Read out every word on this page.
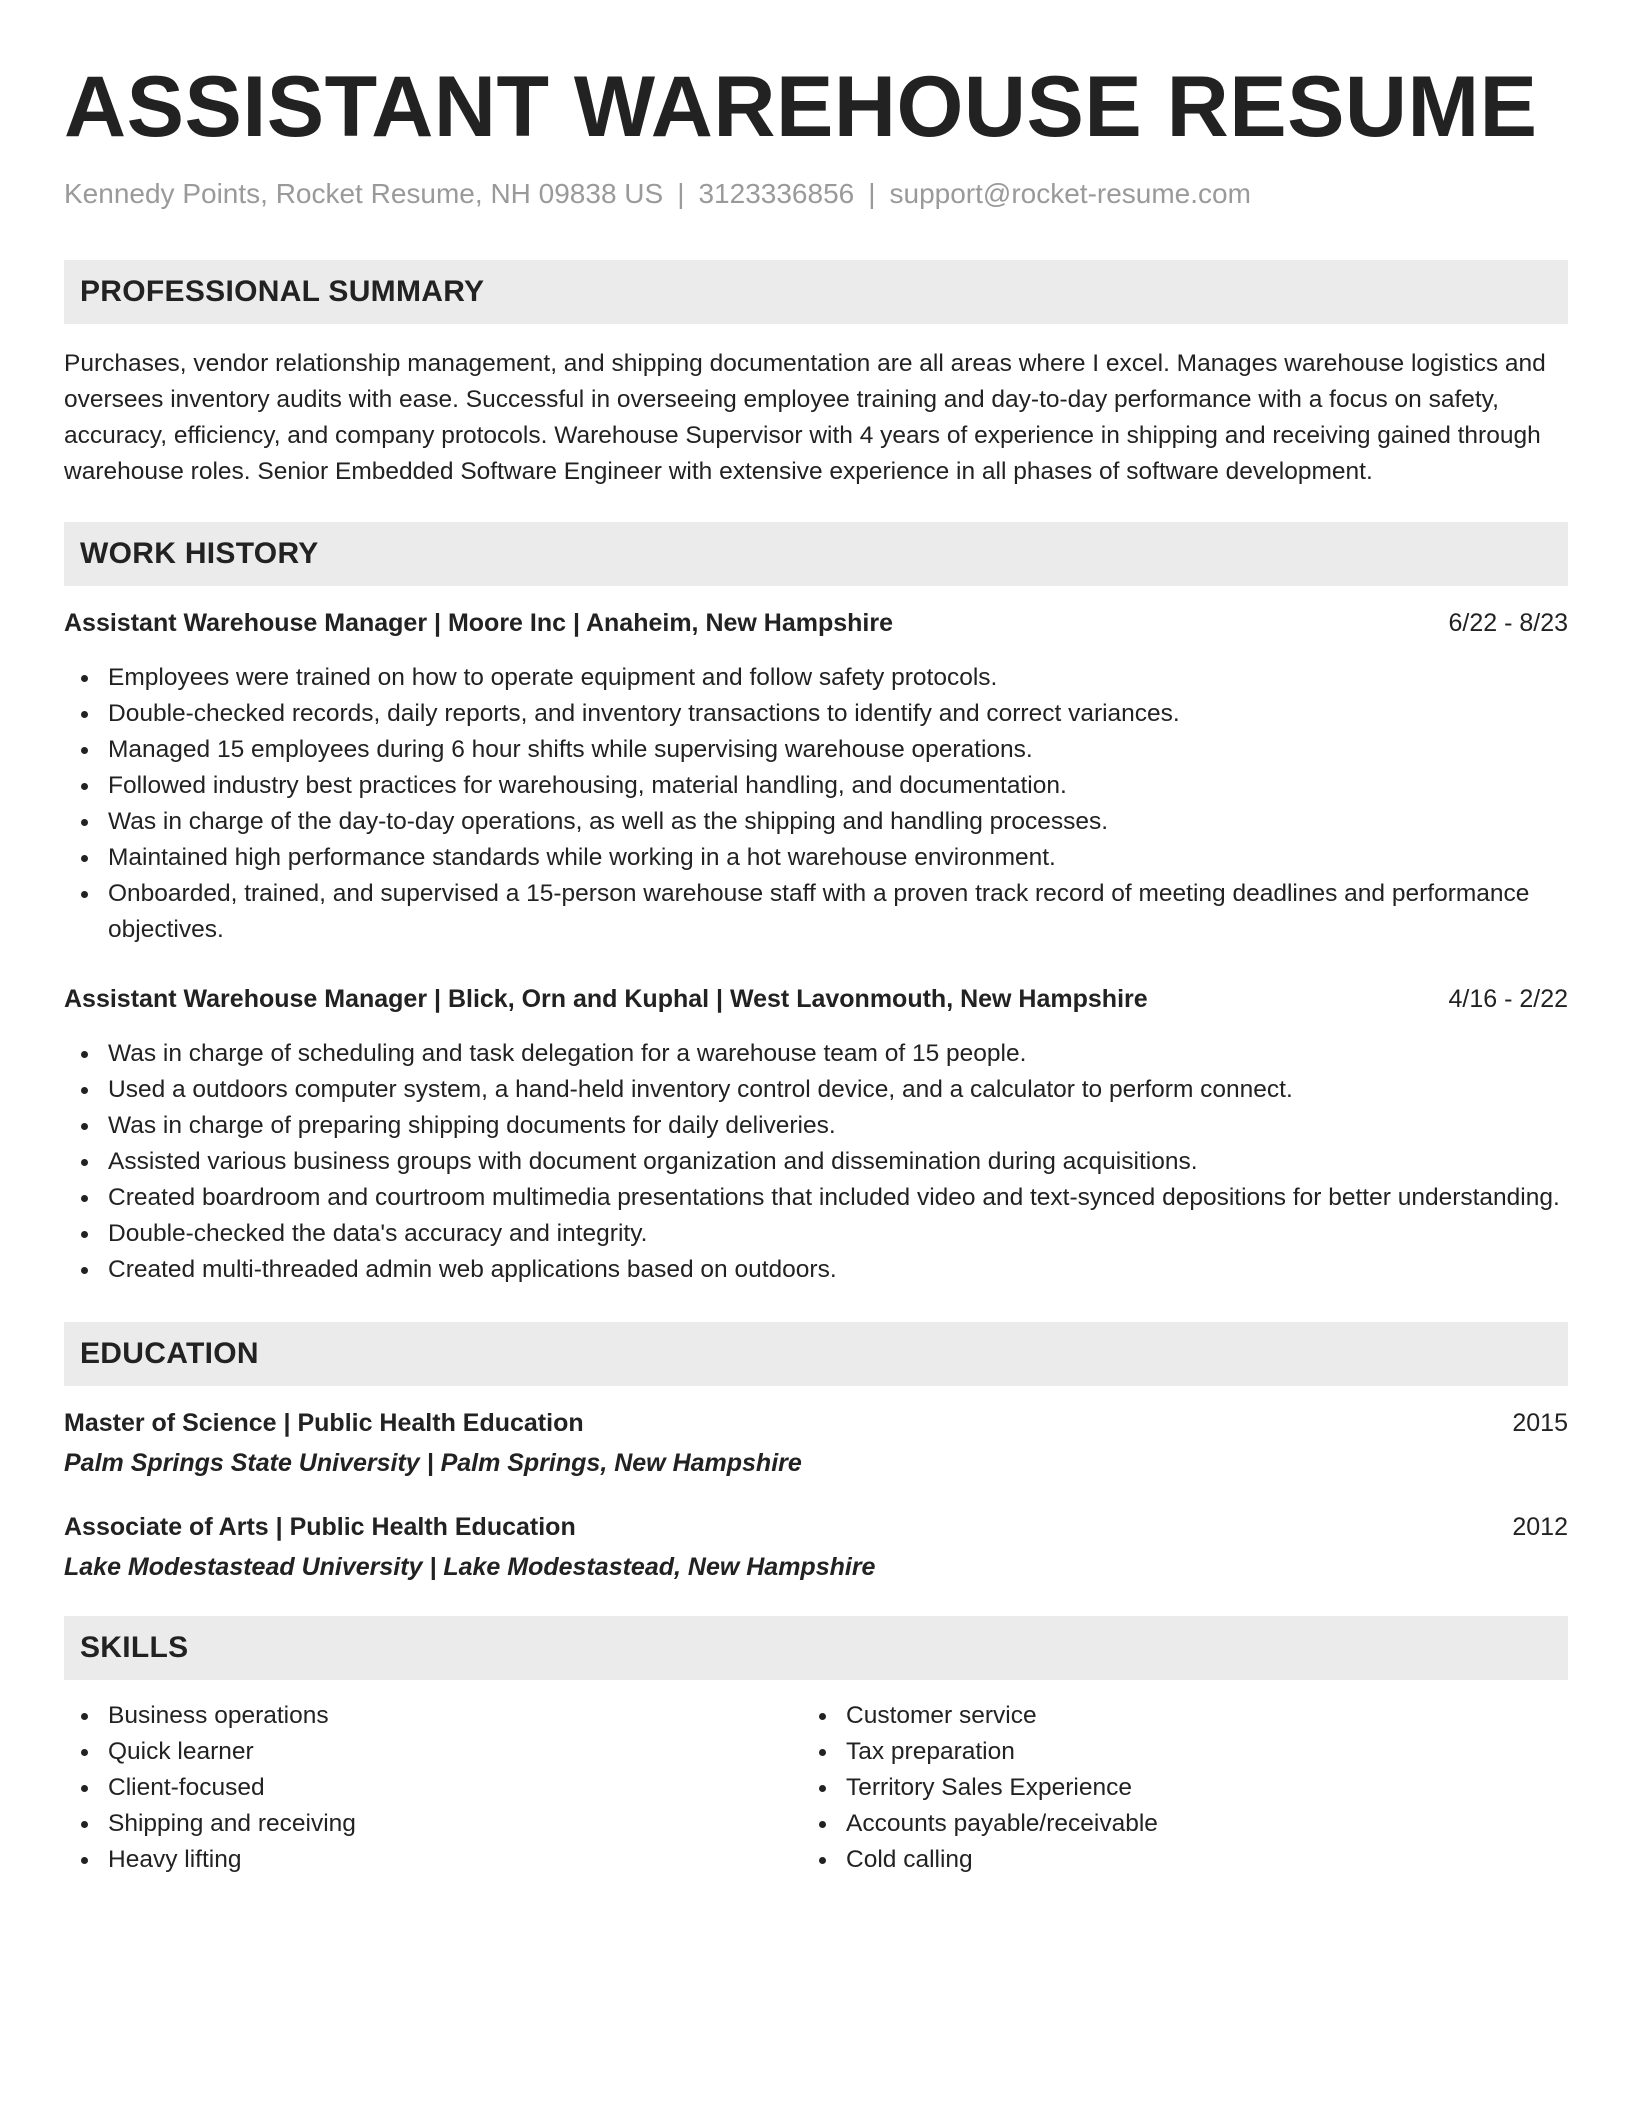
ASSISTANT WAREHOUSE RESUME
Kennedy Points, Rocket Resume, NH 09838 US | 3123336856 | support@rocket-resume.com
PROFESSIONAL SUMMARY

Purchases, vendor relationship management, and shipping documentation are all areas where I excel. Manages warehouse logistics and oversees inventory audits with ease. Successful in overseeing employee training and day-to-day performance with a focus on safety, accuracy, efficiency, and company protocols. Warehouse Supervisor with 4 years of experience in shipping and receiving gained through warehouse roles. Senior Embedded Software Engineer with extensive experience in all phases of software development.

WORK HISTORY
Assistant Warehouse Manager | Moore Inc | Anaheim, New Hampshire	6/22 - 8/23
Employees were trained on how to operate equipment and follow safety protocols.
Double-checked records, daily reports, and inventory transactions to identify and correct variances.
Managed 15 employees during 6 hour shifts while supervising warehouse operations.
Followed industry best practices for warehousing, material handling, and documentation.
Was in charge of the day-to-day operations, as well as the shipping and handling processes.
Maintained high performance standards while working in a hot warehouse environment.
Onboarded, trained, and supervised a 15-person warehouse staff with a proven track record of meeting deadlines and performance objectives.
Assistant Warehouse Manager | Blick, Orn and Kuphal | West Lavonmouth, New Hampshire	4/16 - 2/22
Was in charge of scheduling and task delegation for a warehouse team of 15 people.
Used a outdoors computer system, a hand-held inventory control device, and a calculator to perform connect.
Was in charge of preparing shipping documents for daily deliveries.
Assisted various business groups with document organization and dissemination during acquisitions.
Created boardroom and courtroom multimedia presentations that included video and text-synced depositions for better understanding.
Double-checked the data's accuracy and integrity.
Created multi-threaded admin web applications based on outdoors.
EDUCATION
Master of Science | Public Health Education	2015
Palm Springs State University | Palm Springs, New Hampshire
Associate of Arts | Public Health Education	2012
Lake Modestastead University | Lake Modestastead, New Hampshire
SKILLS
Business operations
Quick learner
Client-focused
Shipping and receiving
Heavy lifting
Customer service
Tax preparation
Territory Sales Experience
Accounts payable/receivable
Cold calling
